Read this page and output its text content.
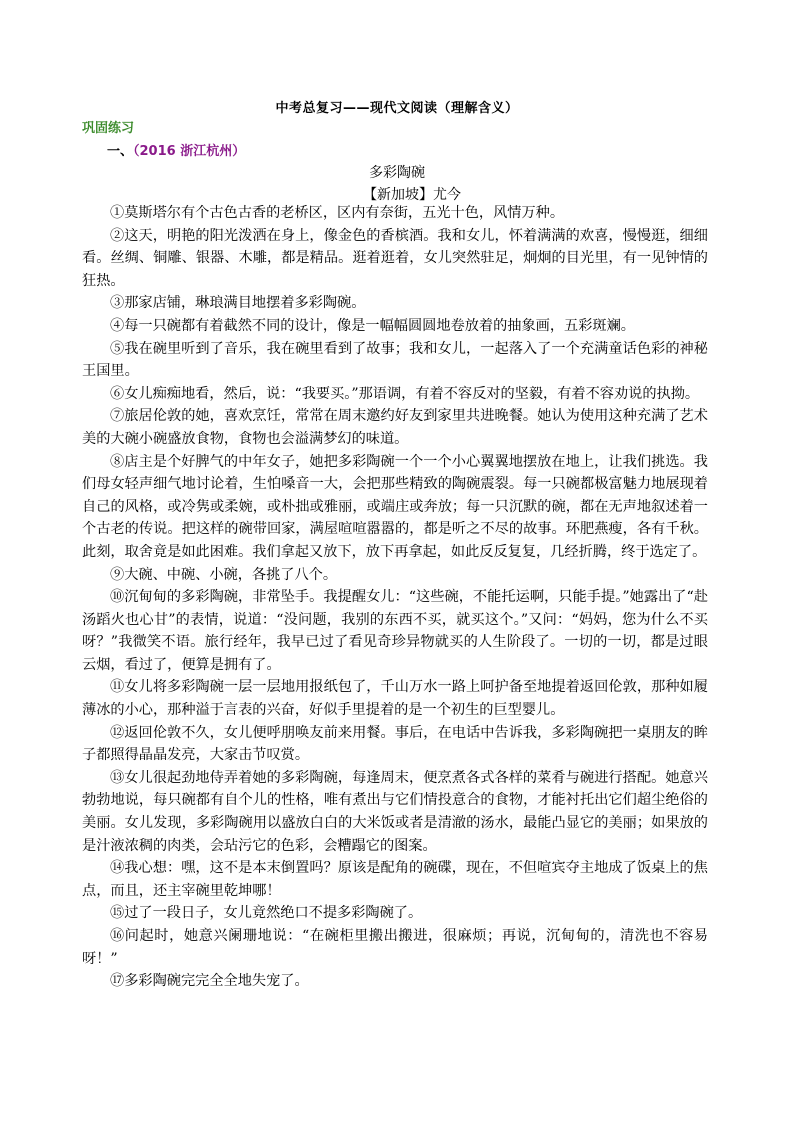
中考总复习——现代文阅读（理解含义）
巩固练习
一、（2016 浙江杭州）
多彩陶碗
【新加坡】尤今

①莫斯塔尔有个古色古香的老桥区，区内有奈街，五光十色，风情万种。

②这天，明艳的阳光泼洒在身上，像金色的香槟酒。我和女儿，怀着满满的欢喜，慢慢逛，细细看。丝绸、铜雕、银器、木雕，都是精品。逛着逛着，女儿突然驻足，炯炯的目光里，有一见钟情的狂热。

③那家店铺，琳琅满目地摆着多彩陶碗。

④每一只碗都有着截然不同的设计，像是一幅幅圆圆地卷放着的抽象画，五彩斑斓。

⑤我在碗里听到了音乐，我在碗里看到了故事；我和女儿，一起落入了一个充满童话色彩的神秘王国里。

⑥女儿痴痴地看，然后，说：“我要买。”那语调，有着不容反对的坚毅，有着不容劝说的执拗。

⑦旅居伦敦的她，喜欢烹饪，常常在周末邀约好友到家里共进晚餐。她认为使用这种充满了艺术美的大碗小碗盛放食物，食物也会溢满梦幻的味道。

⑧店主是个好脾气的中年女子，她把多彩陶碗一个一个小心翼翼地摆放在地上，让我们挑选。我们母女轻声细气地讨论着，生怕嗓音一大，会把那些精致的陶碗震裂。每一只碗都极富魅力地展现着自己的风格，或冷隽或柔婉，或朴拙或雅丽，或端庄或奔放；每一只沉默的碗，都在无声地叙述着一个古老的传说。把这样的碗带回家，满屋喧喧嚣嚣的，都是听之不尽的故事。环肥燕瘦，各有千秋。此刻，取舍竟是如此困难。我们拿起又放下，放下再拿起，如此反反复复，几经折腾，终于选定了。

⑨大碗、中碗、小碗，各挑了八个。

⑩沉甸甸的多彩陶碗，非常坠手。我提醒女儿：“这些碗，不能托运啊，只能手提。”她露出了“赴汤蹈火也心甘”的表情，说道：“没问题，我别的东西不买，就买这个。”又问：“妈妈，您为什么不买呀？”我微笑不语。旅行经年，我早已过了看见奇珍异物就买的人生阶段了。一切的一切，都是过眼云烟，看过了，便算是拥有了。

⑪女儿将多彩陶碗一层一层地用报纸包了，千山万水一路上呵护备至地提着返回伦敦，那种如履薄冰的小心，那种溢于言表的兴奋，好似手里提着的是一个初生的巨型婴儿。

⑫返回伦敦不久，女儿便呼朋唤友前来用餐。事后，在电话中告诉我，多彩陶碗把一桌朋友的眸子都照得晶晶发亮，大家击节叹赏。

⑬女儿很起劲地侍弄着她的多彩陶碗，每逢周末，便烹煮各式各样的菜肴与碗进行搭配。她意兴勃勃地说，每只碗都有自个儿的性格，唯有煮出与它们情投意合的食物，才能衬托出它们超尘绝俗的美丽。女儿发现，多彩陶碗用以盛放白白的大米饭或者是清澈的汤水，最能凸显它的美丽；如果放的是汁液浓稠的肉类，会玷污它的色彩，会糟蹋它的图案。

⑭我心想：嘿，这不是本末倒置吗？原该是配角的碗碟，现在，不但喧宾夺主地成了饭桌上的焦点，而且，还主宰碗里乾坤哪！

⑮过了一段日子，女儿竟然绝口不提多彩陶碗了。

⑯问起时，她意兴阑珊地说：“在碗柜里搬出搬进，很麻烦；再说，沉甸甸的，清洗也不容易呀！”

⑰多彩陶碗完完全全地失宠了。
